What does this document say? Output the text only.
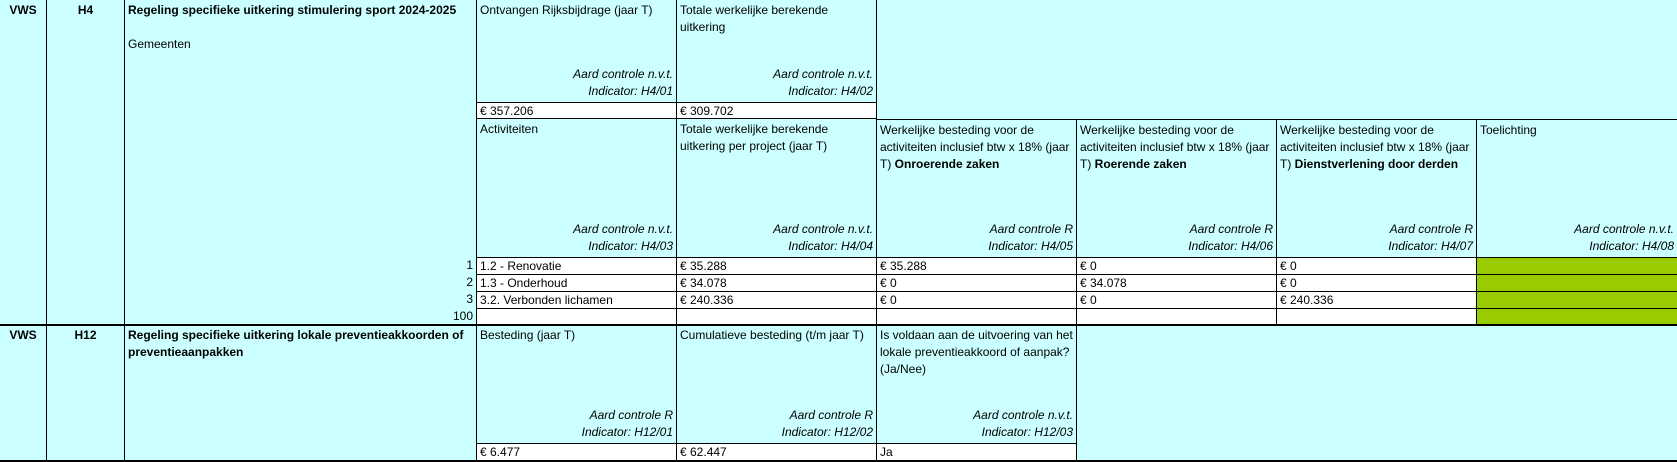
VWS	H4	Regeling specifieke uitkering stimulering sport 2024-2025
Gemeenten
Ontvangen Rijksbijdrage (jaar T)
Aard controle n.v.t.
Indicator: H4/01
Totale werkelijke berekende uitkering
Aard controle n.v.t.
Indicator: H4/02
€ 357.206	€ 309.702
Activiteiten
Aard controle n.v.t.
Indicator: H4/03
Totale werkelijke berekende uitkering per project (jaar T)
Aard controle n.v.t.
Indicator: H4/04
Werkelijke besteding voor de activiteiten inclusief btw x 18% (jaar T) Onroerende zaken
Aard controle R
Indicator: H4/05
Werkelijke besteding voor de activiteiten inclusief btw x 18% (jaar T) Roerende zaken
Aard controle R
Indicator: H4/06
Werkelijke besteding voor de activiteiten inclusief btw x 18% (jaar T) Dienstverlening door derden
Aard controle R
Indicator: H4/07
Toelichting
Aard controle n.v.t.
Indicator: H4/08
1 1.2 - Renovatie	€ 35.288	€ 35.288	€ 0	€ 0
2 1.3 - Onderhoud	€ 34.078	€ 0	€ 34.078	€ 0
3 3.2. Verbonden lichamen	€ 240.336	€ 0	€ 0	€ 240.336
100
VWS	H12	Regeling specifieke uitkering lokale preventieakkoorden of preventieaanpakken
Besteding (jaar T)
Aard controle R
Indicator: H12/01
Cumulatieve besteding (t/m jaar T)
Aard controle R
Indicator: H12/02
Is voldaan aan de uitvoering van het lokale preventieakkoord of aanpak? (Ja/Nee)
Aard controle n.v.t.
Indicator: H12/03
€ 6.477	€ 62.447	Ja
